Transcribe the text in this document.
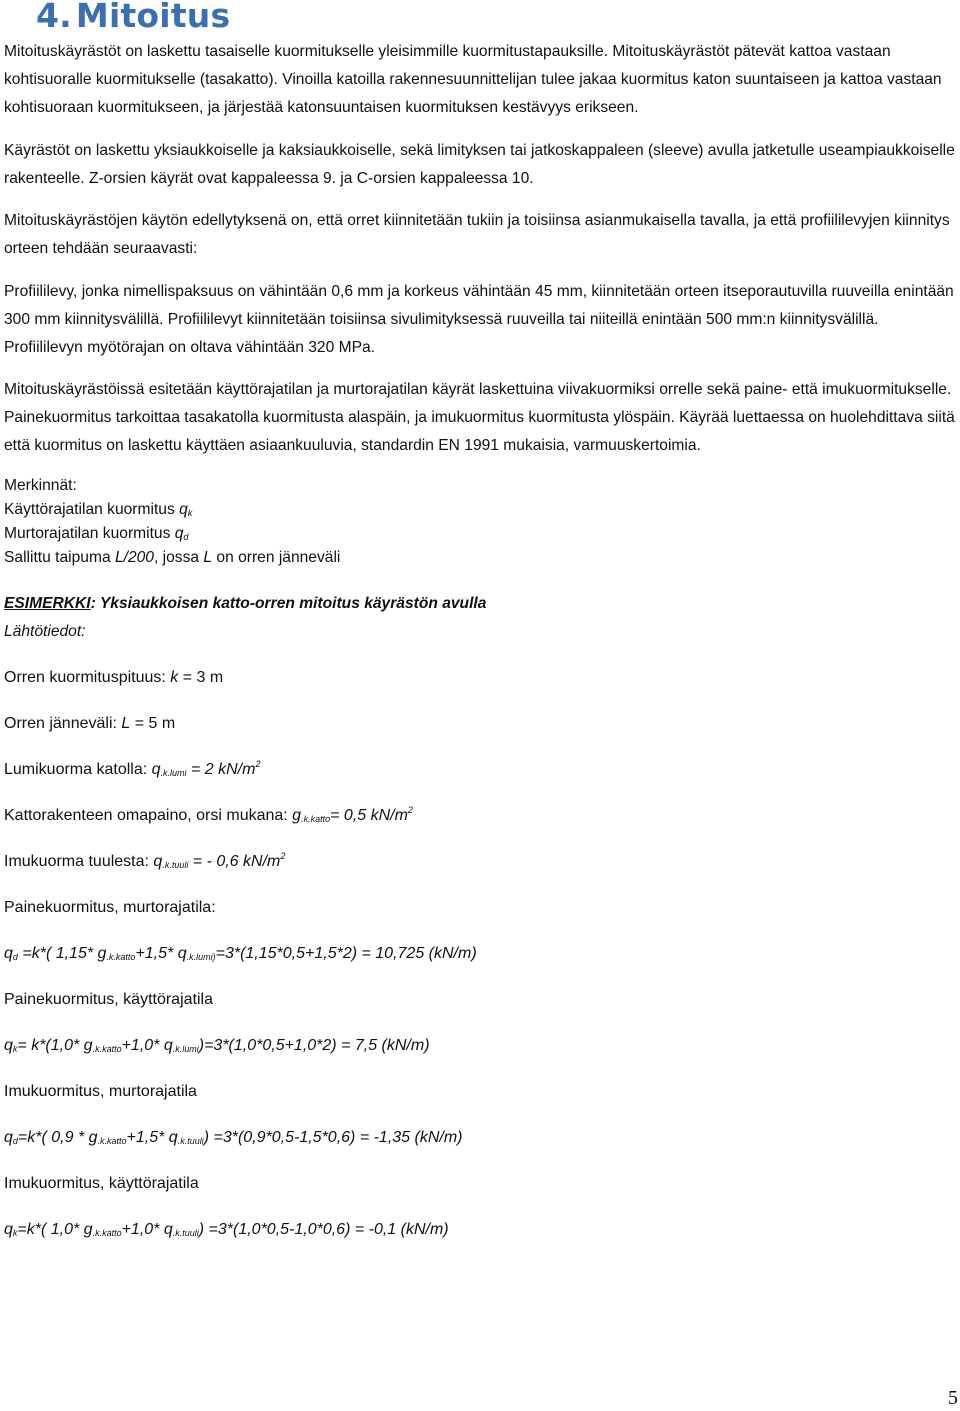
4. Mitoitus

Mitoituskäyrästöt on laskettu tasaiselle kuormitukselle yleisimmille kuormitustapauksille. Mitoituskäyrästöt pätevät kattoa vastaan kohtisuoralle kuormitukselle (tasakatto). Vinoilla katoilla rakennesuunnittelijan tulee jakaa kuormitus katon suuntaiseen ja kattoa vastaan kohtisuoraan kuormitukseen, ja järjestää katonsuuntaisen kuormituksen kestävyys erikseen.

Käyrästöt on laskettu yksiaukkoiselle ja kaksiaukkoiselle, sekä limityksen tai jatkoskappaleen (sleeve) avulla jatketulle useampiaukkoiselle rakenteelle. Z-orsien käyrät ovat kappaleessa 9. ja C-orsien kappaleessa 10.

Mitoituskäyrästöjen käytön edellytyksenä on, että orret kiinnitetään tukiin ja toisiinsa asianmukaisella tavalla, ja että profiililevyjen kiinnitys orteen tehdään seuraavasti:

Profiililevy, jonka nimellispaksuus on vähintään 0,6 mm ja korkeus vähintään 45 mm, kiinnitetään orteen itseporautuvilla ruuveilla enintään 300 mm kiinnitysvälillä. Profiililevyt kiinnitetään toisiinsa sivulimityksessä ruuveilla tai niiteillä enintään 500 mm:n kiinnitysvälillä. Profiililevyn myötörajan on oltava vähintään 320 MPa.

Mitoituskäyrästöissä esitetään käyttörajatilan ja murtorajatilan käyrät laskettuina viivakuormiksi orrelle sekä paine- että imukuormitukselle. Painekuormitus tarkoittaa tasakatolla kuormitusta alaspäin, ja imukuormitus kuormitusta ylöspäin. Käyrää luettaessa on huolehdittava siitä että kuormitus on laskettu käyttäen asiaankuuluvia, standardin EN 1991 mukaisia, varmuuskertoimia.

Merkinnät:
Käyttörajatilan kuormitus $q_k$
Murtorajatilan kuormitus $q_d$
Sallittu taipuma L/200, jossa L on orren jänneväli

ESIMERKKI: Yksiaukkoisen katto-orren mitoitus käyrästön avulla

Lähtötiedot:

Orren kuormituspituus: k = 3 m

Orren jänneväli: L = 5 m

Lumikuorma katolla: $q_{.k.lumi} = 2$ $kN/m^2$

Kattorakenteen omapaino, orsi mukana: $g_{.k.katto}= 0,5$ $kN/m^2$

Imukuorma tuulesta: $q_{.k.tuuli}$ = - 0,6 $kN/m^2$

Painekuormitus, murtorajatila:

$q_d =k*$( 1,15* $g_{.k.katto}+1,5*$ $q_{.k.lumi)}=3*(1,15*0,5+1,5*2) = 10,725$ (kN/m)

Painekuormitus, käyttörajatila

$q_k= k*(1,0*$ $g_{.k.katto}+1,0*$ $q_{.k.lumi})=3*(1,0*0,5+1,0*2) = 7,5$ (kN/m)

Imukuormitus, murtorajatila

$q_d=k*$( $0,9 * g_{.k.katto}+1,5*$ $q_{.k.tuuli}) =3*(0,9*0,5-1,5*0,6) = -1,35$ (kN/m)

Imukuormitus, käyttörajatila

$q_k=k*$( 1,0* $g_{.k.katto}+1,0*$ $q_{.k.tuuli}) =3*(1,0*0,5-1,0*0,6) = -0,1$ (kN/m)

5
